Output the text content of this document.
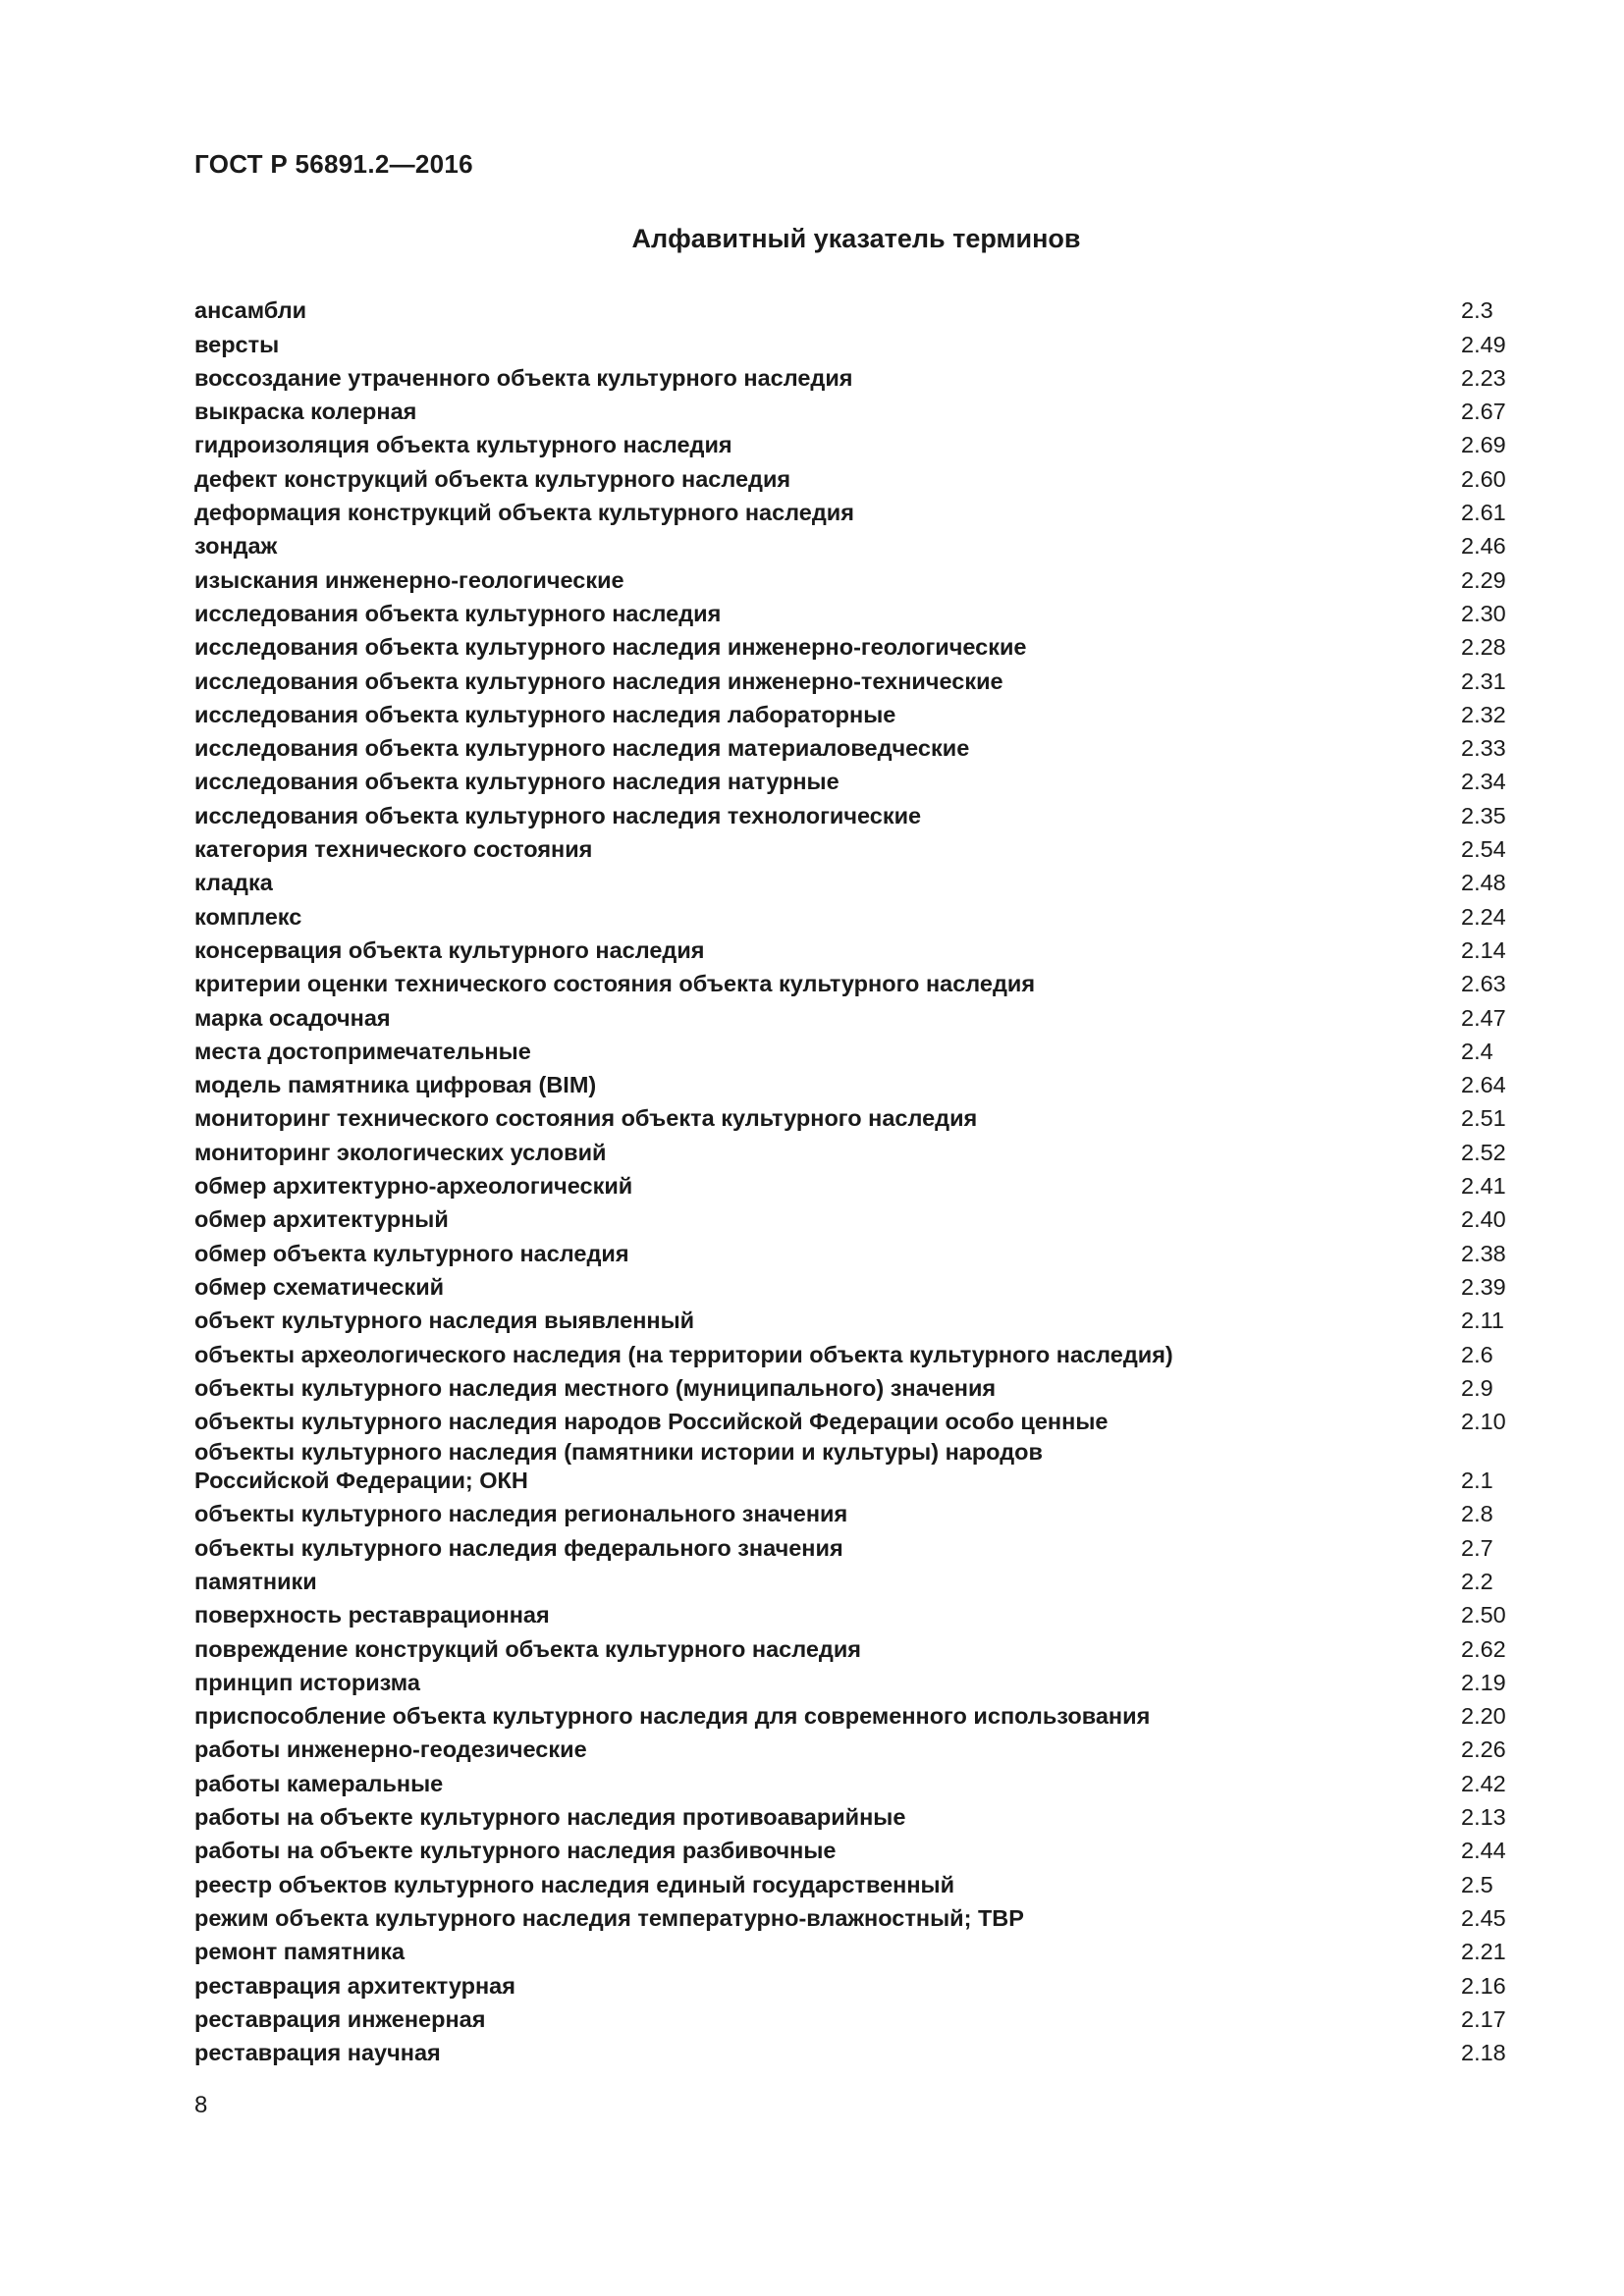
ГОСТ Р 56891.2—2016
Алфавитный указатель терминов
ансамбли	2.3
версты	2.49
воссоздание утраченного объекта культурного наследия	2.23
выкраска колерная	2.67
гидроизоляция объекта культурного наследия	2.69
дефект конструкций объекта культурного наследия	2.60
деформация конструкций объекта культурного наследия	2.61
зондаж	2.46
изыскания инженерно-геологические	2.29
исследования объекта культурного наследия	2.30
исследования объекта культурного наследия инженерно-геологические	2.28
исследования объекта культурного наследия инженерно-технические	2.31
исследования объекта культурного наследия лабораторные	2.32
исследования объекта культурного наследия материаловедческие	2.33
исследования объекта культурного наследия натурные	2.34
исследования объекта культурного наследия технологические	2.35
категория технического состояния	2.54
кладка	2.48
комплекс	2.24
консервация объекта культурного наследия	2.14
критерии оценки технического состояния объекта культурного наследия	2.63
марка осадочная	2.47
места достопримечательные	2.4
модель памятника цифровая (BIM)	2.64
мониторинг технического состояния объекта культурного наследия	2.51
мониторинг экологических условий	2.52
обмер архитектурно-археологический	2.41
обмер архитектурный	2.40
обмер объекта культурного наследия	2.38
обмер схематический	2.39
объект культурного наследия выявленный	2.11
объекты археологического наследия (на территории объекта культурного наследия)	2.6
объекты культурного наследия местного (муниципального) значения	2.9
объекты культурного наследия народов Российской Федерации особо ценные	2.10
объекты культурного наследия (памятники истории и культуры) народов Российской Федерации; ОКН	2.1
объекты культурного наследия регионального значения	2.8
объекты культурного наследия федерального значения	2.7
памятники	2.2
поверхность реставрационная	2.50
повреждение конструкций объекта культурного наследия	2.62
принцип историзма	2.19
приспособление объекта культурного наследия для современного использования	2.20
работы инженерно-геодезические	2.26
работы камеральные	2.42
работы на объекте культурного наследия противоаварийные	2.13
работы на объекте культурного наследия разбивочные	2.44
реестр объектов культурного наследия единый государственный	2.5
режим объекта культурного наследия температурно-влажностный; ТВР	2.45
ремонт памятника	2.21
реставрация архитектурная	2.16
реставрация инженерная	2.17
реставрация научная	2.18
8
